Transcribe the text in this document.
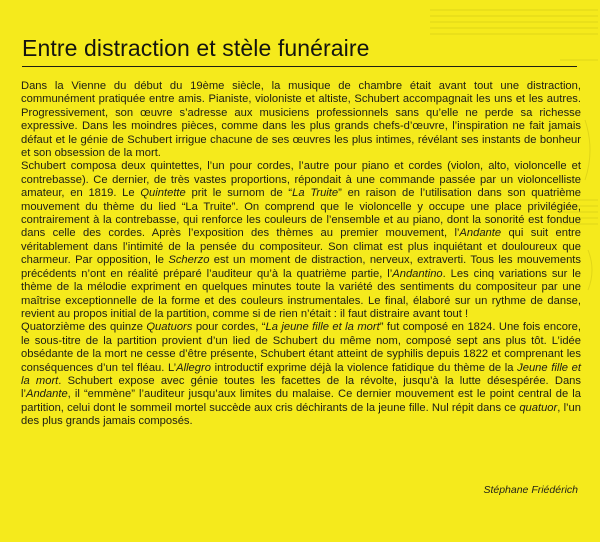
Entre distraction et stèle funéraire

Dans la Vienne du début du 19ème siècle, la musique de chambre était avant tout une distraction, communément pratiquée entre amis. Pianiste, violoniste et altiste, Schubert accompagnait les uns et les autres. Progressivement, son œuvre s’adresse aux musiciens professionnels sans qu’elle ne perde sa richesse expressive. Dans les moindres pièces, comme dans les plus grands chefs-d’œuvre, l’inspiration ne fait jamais défaut et le génie de Schubert irrigue chacune de ses œuvres les plus intimes, révélant ses instants de bonheur et son obsession de la mort.

Schubert composa deux quintettes, l’un pour cordes, l’autre pour piano et cordes (violon, alto, violoncelle et contrebasse). Ce dernier, de très vastes proportions, répondait à une commande passée par un violoncelliste amateur, en 1819. Le Quintette prit le surnom de “La Truite” en raison de l’utilisation dans son quatrième mouvement du thème du lied “La Truite”. On comprend que le violoncelle y occupe une place privilégiée, contrairement à la contrebasse, qui renforce les couleurs de l’ensemble et au piano, dont la sonorité est fondue dans celle des cordes. Après l’exposition des thèmes au premier mouvement, l’Andante qui suit entre véritablement dans l’intimité de la pensée du compositeur. Son climat est plus inquiétant et douloureux que charmeur. Par opposition, le Scherzo est un moment de distraction, nerveux, extraverti. Tous les mouvements précédents n’ont en réalité préparé l’auditeur qu’à la quatrième partie, l’Andantino. Les cinq variations sur le thème de la mélodie expriment en quelques minutes toute la variété des sentiments du compositeur par une maîtrise exceptionnelle de la forme et des couleurs instrumentales. Le final, élaboré sur un rythme de danse, revient au propos initial de la partition, comme si de rien n’était : il faut distraire avant tout !

Quatorzième des quinze Quatuors pour cordes, “La jeune fille et la mort” fut composé en 1824. Une fois encore, le sous-titre de la partition provient d’un lied de Schubert du même nom, composé sept ans plus tôt. L’idée obsédante de la mort ne cesse d’être présente, Schubert étant atteint de syphilis depuis 1822 et comprenant les conséquences d’un tel fléau. L’Allegro introductif exprime déjà la violence fatidique du thème de la Jeune fille et la mort. Schubert expose avec génie toutes les facettes de la révolte, jusqu’à la lutte désespérée. Dans l’Andante, il “emmène” l’auditeur jusqu’aux limites du malaise. Ce dernier mouvement est le point central de la partition, celui dont le sommeil mortel succède aux cris déchirants de la jeune fille. Nul répit dans ce quatuor, l’un des plus grands jamais composés.

Stéphane Friédérich
